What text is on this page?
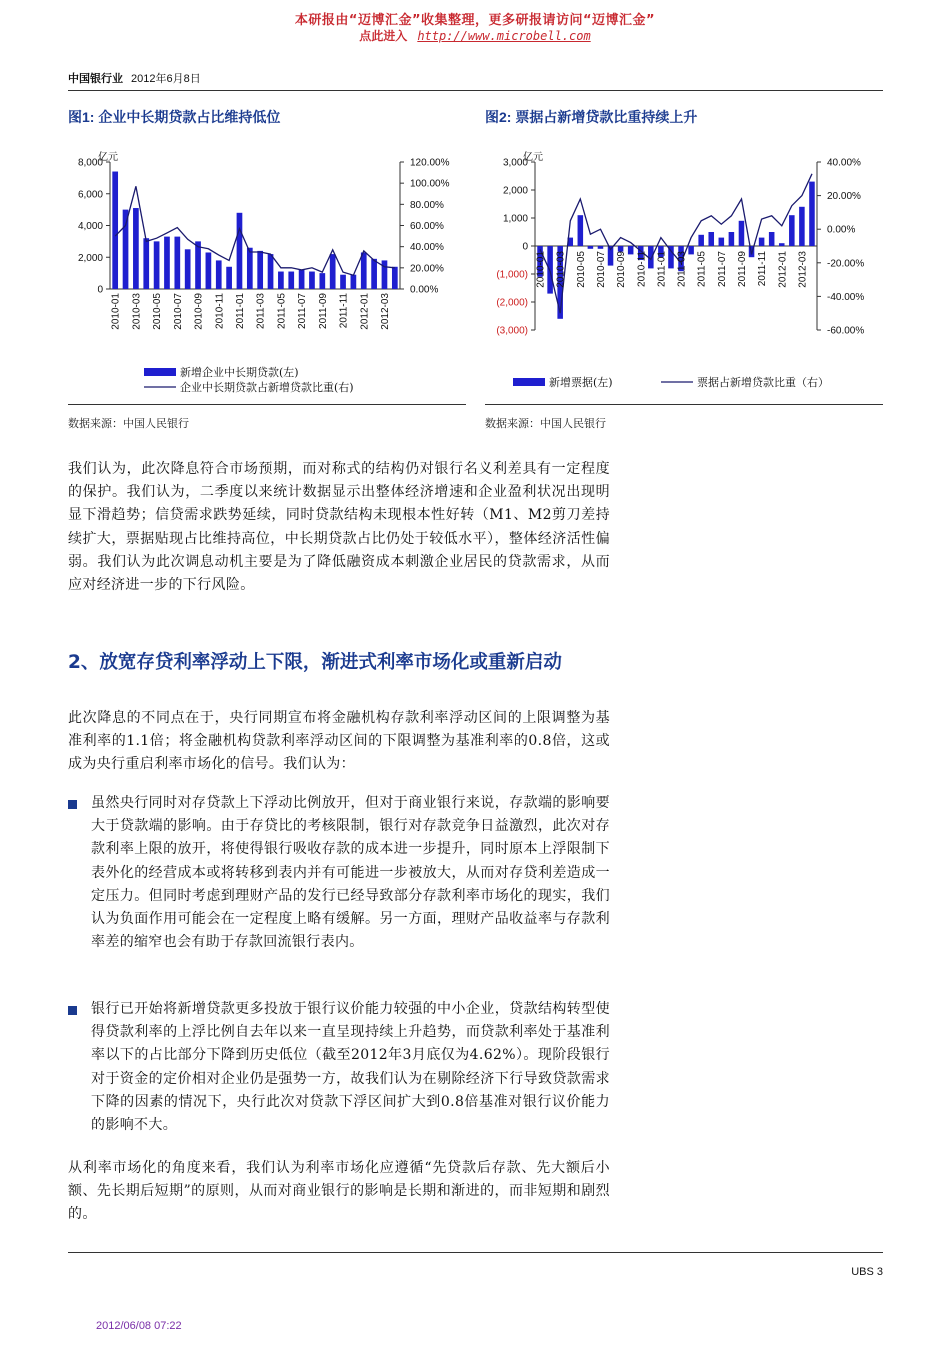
本研报由“迈博汇金”收集整理，更多研报请访问“迈博汇金”
点此进入 http://www.microbell.com
中国银行业 2012年6月8日
图1: 企业中长期贷款占比维持低位	图2: 票据占新增贷款比重持续上升
亿元
0
2,000
4,000
6,000
8,000
0.00%
20.00%
40.00%
60.00%
80.00%
100.00%
120.00%
2010-01 2010-03 2010-05 2010-07 2010-09 2010-11 2011-01 2011-03 2011-05 2011-07 2011-09 2011-11 2012-01 2012-03
新增企业中长期贷款(左)
企业中长期贷款占新增贷款比重(右)
亿元
3,000
2,000
1,000
0
(1,000)
(2,000)
(3,000)
40.00%
20.00%
0.00%
-20.00%
-40.00%
-60.00%
2010-01 2010-03 2010-05 2010-07 2010-09 2010-11 2011-01 2011-03 2011-05 2011-07 2011-09 2011-11 2012-01 2012-03
新增票据(左)	票据占新增贷款比重（右）
数据来源：中国人民银行	数据来源：中国人民银行
我们认为，此次降息符合市场预期，而对称式的结构仍对银行名义利差具有一定程度的保护。我们认为，二季度以来统计数据显示出整体经济增速和企业盈利状况出现明显下滑趋势；信贷需求跌势延续，同时贷款结构未现根本性好转（M1、M2剪刀差持续扩大，票据贴现占比维持高位，中长期贷款占比仍处于较低水平），整体经济活性偏弱。我们认为此次调息动机主要是为了降低融资成本刺激企业居民的贷款需求，从而应对经济进一步的下行风险。
2、放宽存贷利率浮动上下限，渐进式利率市场化或重新启动
此次降息的不同点在于，央行同期宣布将金融机构存款利率浮动区间的上限调整为基准利率的1.1倍；将金融机构贷款利率浮动区间的下限调整为基准利率的0.8倍，这或成为央行重启利率市场化的信号。我们认为：
虽然央行同时对存贷款上下浮动比例放开，但对于商业银行来说，存款端的影响要大于贷款端的影响。由于存贷比的考核限制，银行对存款竞争日益激烈，此次对存款利率上限的放开，将使得银行吸收存款的成本进一步提升，同时原本上浮限制下表外化的经营成本或将转移到表内并有可能进一步被放大，从而对存贷利差造成一定压力。但同时考虑到理财产品的发行已经导致部分存款利率市场化的现实，我们认为负面作用可能会在一定程度上略有缓解。另一方面，理财产品收益率与存款利率差的缩窄也会有助于存款回流银行表内。
银行已开始将新增贷款更多投放于银行议价能力较强的中小企业，贷款结构转型使得贷款利率的上浮比例自去年以来一直呈现持续上升趋势，而贷款利率处于基准利率以下的占比部分下降到历史低位（截至2012年3月底仅为4.62%）。现阶段银行对于资金的定价相对企业仍是强势一方，故我们认为在剔除经济下行导致贷款需求下降的因素的情况下，央行此次对贷款下浮区间扩大到0.8倍基准对银行议价能力的影响不大。
从利率市场化的角度来看，我们认为利率市场化应遵循“先贷款后存款、先大额后小额、先长期后短期”的原则，从而对商业银行的影响是长期和渐进的，而非短期和剧烈的。
UBS 3
2012/06/08 07:22
